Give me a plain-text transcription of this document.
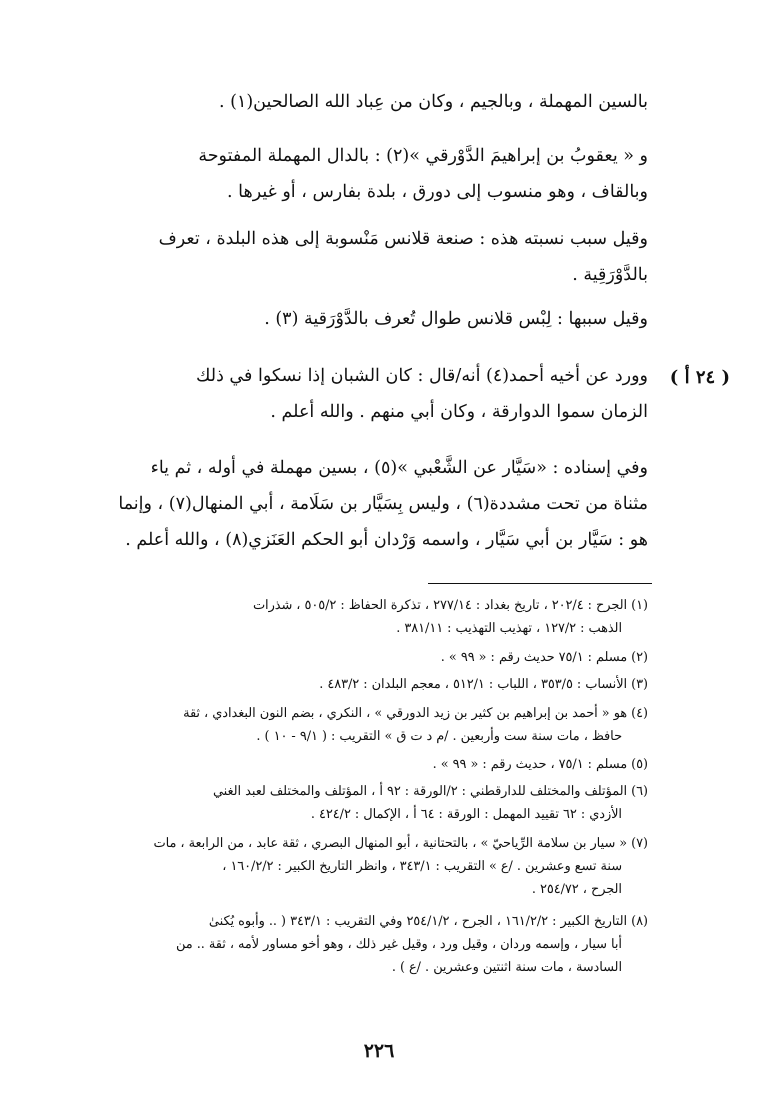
بالسين المهملة ، وبالجيم ، وكان من عِباد الله الصالحين(١) .
و « يعقوبُ بن إبراهيمَ الدَّوْرقي »(٢) : بالدال المهملة المفتوحة
وبالقاف ، وهو منسوب إلى دورق ، بلدة بفارس ، أو غيرها .
وقيل سبب نسبته هذه : صنعة قلانس مَنْسوبة إلى هذه البلدة ، تعرف
بالدَّوْرَقِية .
وقيل سببها : لِبْس قلانس طوال تُعرف بالدَّوْرَقية (٣) .
( ٢٤ أ )
وورد عن أخيه أحمد(٤) أنه/قال : كان الشبان إذا نسكوا في ذلك
الزمان سموا الدوارقة ، وكان أبي منهم . والله أعلم .
وفي إسناده : «سَيَّار عن الشَّعْبي »(٥) ، بسين مهملة في أوله ، ثم ياء
مثناة من تحت مشددة(٦) ، وليس بِسَيَّار بن سَلَامة ، أبي المنهال(٧) ، وإنما
هو : سَيَّار بن أبي سَيَّار ، واسمه وَرْدان أبو الحكم العَنَزي(٨) ، والله أعلم .
(١) الجرح : ٢٠٢/٤ ، تاريخ بغداد : ٢٧٧/١٤ ، تذكرة الحفاظ : ٥٠٥/٢ ، شذرات
الذهب : ١٢٧/٢ ، تهذيب التهذيب : ٣٨١/١١ .
(٢) مسلم : ٧٥/١ حديث رقم : « ٩٩ » .
(٣) الأنساب : ٣٥٣/٥ ، اللباب : ٥١٢/١ ، معجم البلدان : ٤٨٣/٢ .
(٤) هو « أحمد بن إبراهيم بن كثير بن زيد الدورقي » ، النكري ، بضم النون البغدادي ، ثقة
حافظ ، مات سنة ست وأربعين . /م د ت ق » التقريب : ( ٩/١ - ١٠ ) .
(٥) مسلم : ٧٥/١ ، حديث رقم : « ٩٩ » .
(٦) المؤتلف والمختلف للدارقطني : ٢/الورقة : ٩٢ أ ، المؤتلف والمختلف لعبد الغني
الأزدي : ٦٢ تقييد المهمل : الورقة : ٦٤ أ ، الإكمال : ٤٢٤/٢ .
(٧) « سيار بن سلامة الرِّياحيّ » ، بالتحتانية ، أبو المنهال البصري ، ثقة عابد ، من الرابعة ، مات
سنة تسع وعشرين . /ع » التقريب : ٣٤٣/١ ، وانظر التاريخ الكبير : ١٦٠/٢/٢ ،
الجرح ، ٢٥٤/٧٢ .
(٨) التاريخ الكبير : ١٦١/٢/٢ ، الجرح ، ٢٥٤/١/٢ وفي التقريب : ٣٤٣/١ ( .. وأبوه يُكنىٰ
أبا سيار ، وإسمه وردان ، وقيل ورد ، وقيل غير ذلك ، وهو أخو مساور لأمه ، ثقة .. من
السادسة ، مات سنة اثنتين وعشرين . /ع ) .
٢٢٦
